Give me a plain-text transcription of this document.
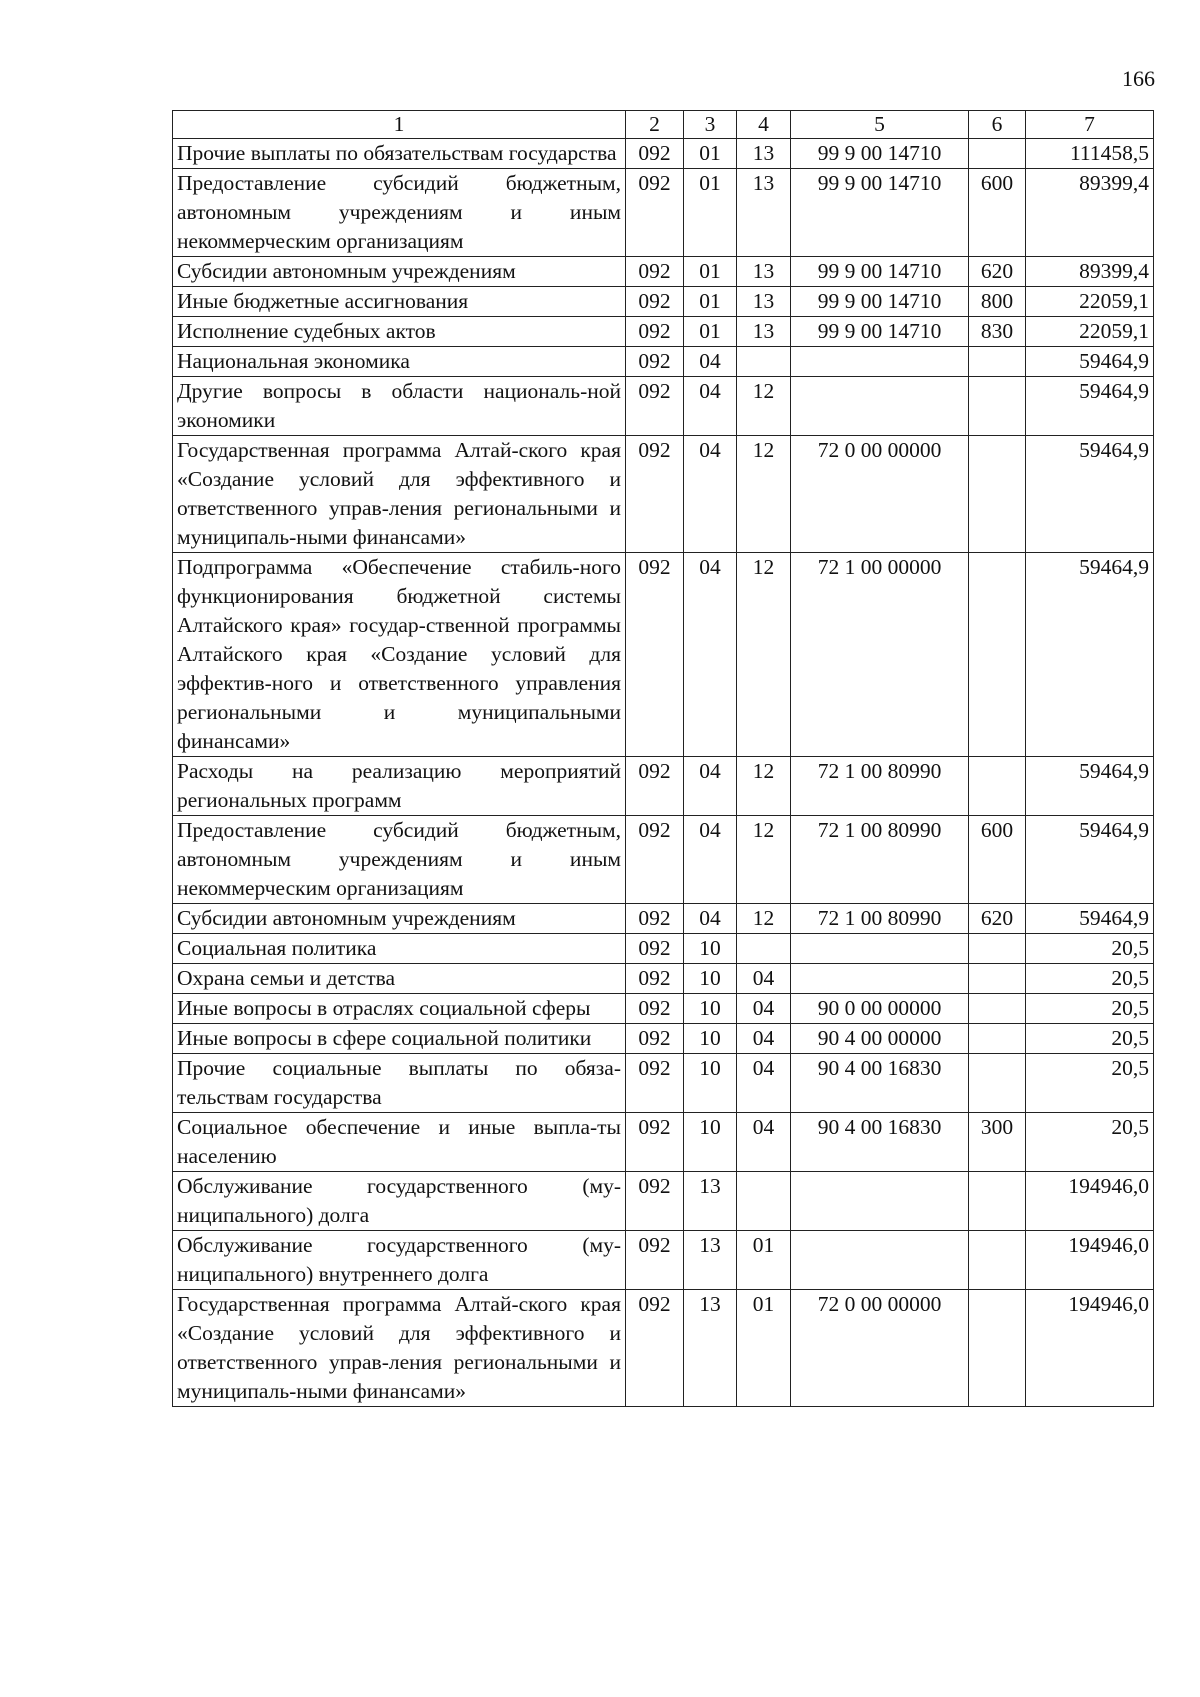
166
1	2	3	4	5	6	7
Прочие выплаты по обязательствам государства	092	01	13	99 9 00 14710		111458,5
Предоставление субсидий бюджетным, автономным учреждениям и иным некоммерческим организациям	092	01	13	99 9 00 14710	600	89399,4
Субсидии автономным учреждениям	092	01	13	99 9 00 14710	620	89399,4
Иные бюджетные ассигнования	092	01	13	99 9 00 14710	800	22059,1
Исполнение судебных актов	092	01	13	99 9 00 14710	830	22059,1
Национальная экономика	092	04				59464,9
Другие вопросы в области националь-ной экономики	092	04	12			59464,9
Государственная программа Алтай-ского края «Создание условий для эффективного и ответственного управ-ления региональными и муниципаль-ными финансами»	092	04	12	72 0 00 00000		59464,9
Подпрограмма «Обеспечение стабиль-ного функционирования бюджетной системы Алтайского края» государ-ственной программы Алтайского края «Создание условий для эффектив-ного и ответственного управления региональными и муниципальными финансами»	092	04	12	72 1 00 00000		59464,9
Расходы на реализацию мероприятий региональных программ	092	04	12	72 1 00 80990		59464,9
Предоставление субсидий бюджетным, автономным учреждениям и иным некоммерческим организациям	092	04	12	72 1 00 80990	600	59464,9
Субсидии автономным учреждениям	092	04	12	72 1 00 80990	620	59464,9
Социальная политика	092	10				20,5
Охрана семьи и детства	092	10	04			20,5
Иные вопросы в отраслях социальной сферы	092	10	04	90 0 00 00000		20,5
Иные вопросы в сфере социальной политики	092	10	04	90 4 00 00000		20,5
Прочие социальные выплаты по обяза-тельствам государства	092	10	04	90 4 00 16830		20,5
Социальное обеспечение и иные выпла-ты населению	092	10	04	90 4 00 16830	300	20,5
Обслуживание государственного (му-ниципального) долга	092	13				194946,0
Обслуживание государственного (му-ниципального) внутреннего долга	092	13	01			194946,0
Государственная программа Алтай-ского края «Создание условий для эффективного и ответственного управ-ления региональными и муниципаль-ными финансами»	092	13	01	72 0 00 00000		194946,0
